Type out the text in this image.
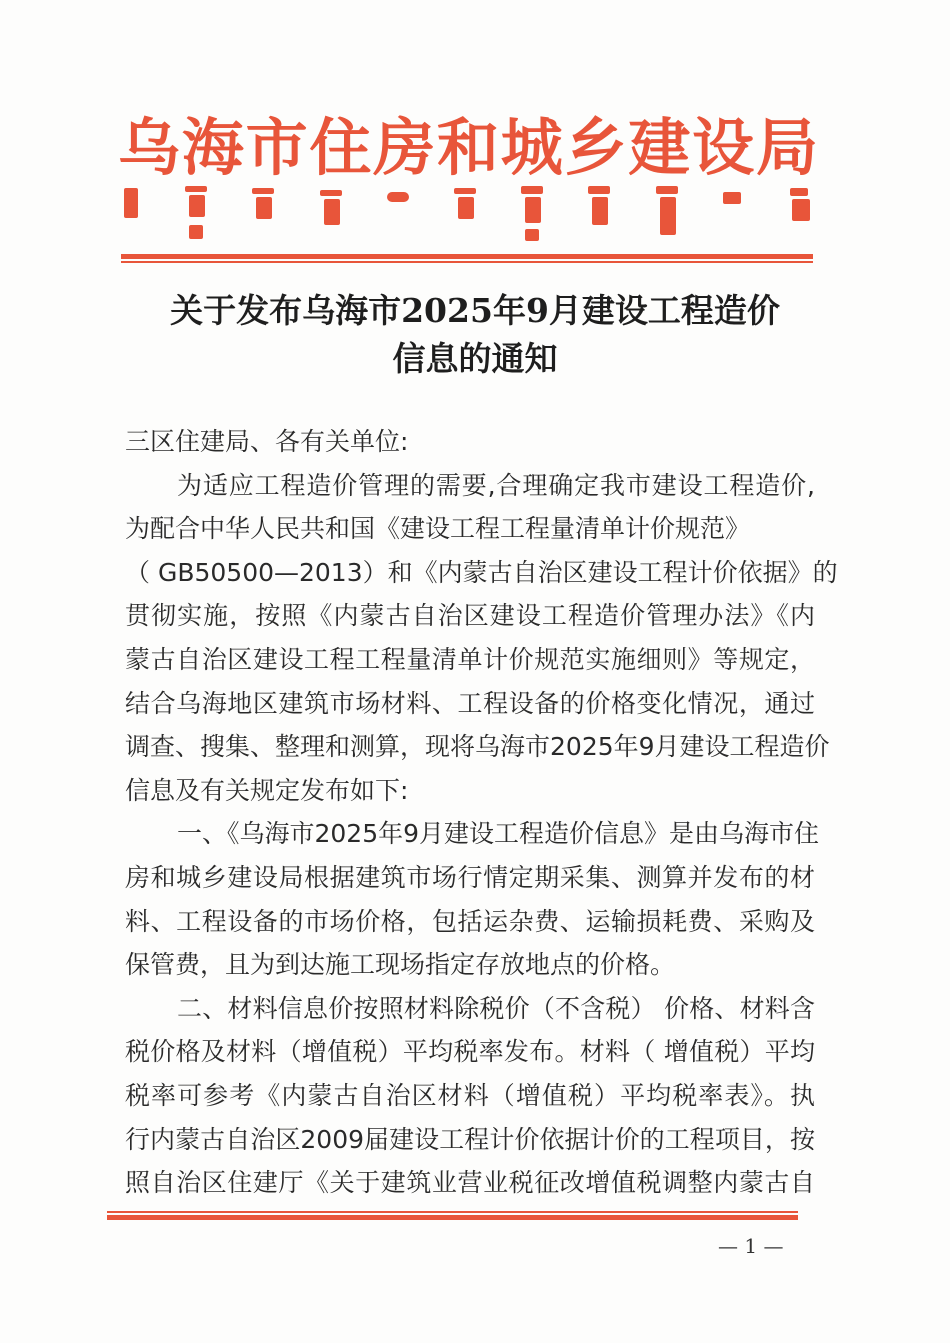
乌 海 市 住 房 和 城 乡 建 设 局
关于发布乌海市2025年9月建设工程造价
信息的通知
三区住建局、各有关单位:
为适应工程造价管理的需要,合理确定我市建设工程造价,
为配合中华人民共和国《建设工程工程量清单计价规范》
（ GB50500—2013）和《内蒙古自治区建设工程计价依据》的
贯彻实施，按照《内蒙古自治区建设工程造价管理办法》《内
蒙古自治区建设工程工程量清单计价规范实施细则》等规定，
结合乌海地区建筑市场材料、工程设备的价格变化情况，通过
调查、搜集、整理和测算，现将乌海市2025年9月建设工程造价
信息及有关规定发布如下:
一、《乌海市2025年9月建设工程造价信息》是由乌海市住
房和城乡建设局根据建筑市场行情定期采集、测算并发布的材
料、工程设备的市场价格，包括运杂费、运输损耗费、采购及
保管费，且为到达施工现场指定存放地点的价格。
二、材料信息价按照材料除税价（不含税） 价格、材料含
税价格及材料（增值税）平均税率发布。材料（ 增值税）平均
税率可参考《内蒙古自治区材料（增值税）平均税率表》。执
行内蒙古自治区2009届建设工程计价依据计价的工程项目，按
照自治区住建厅《关于建筑业营业税征改增值税调整内蒙古自
— 1 —
